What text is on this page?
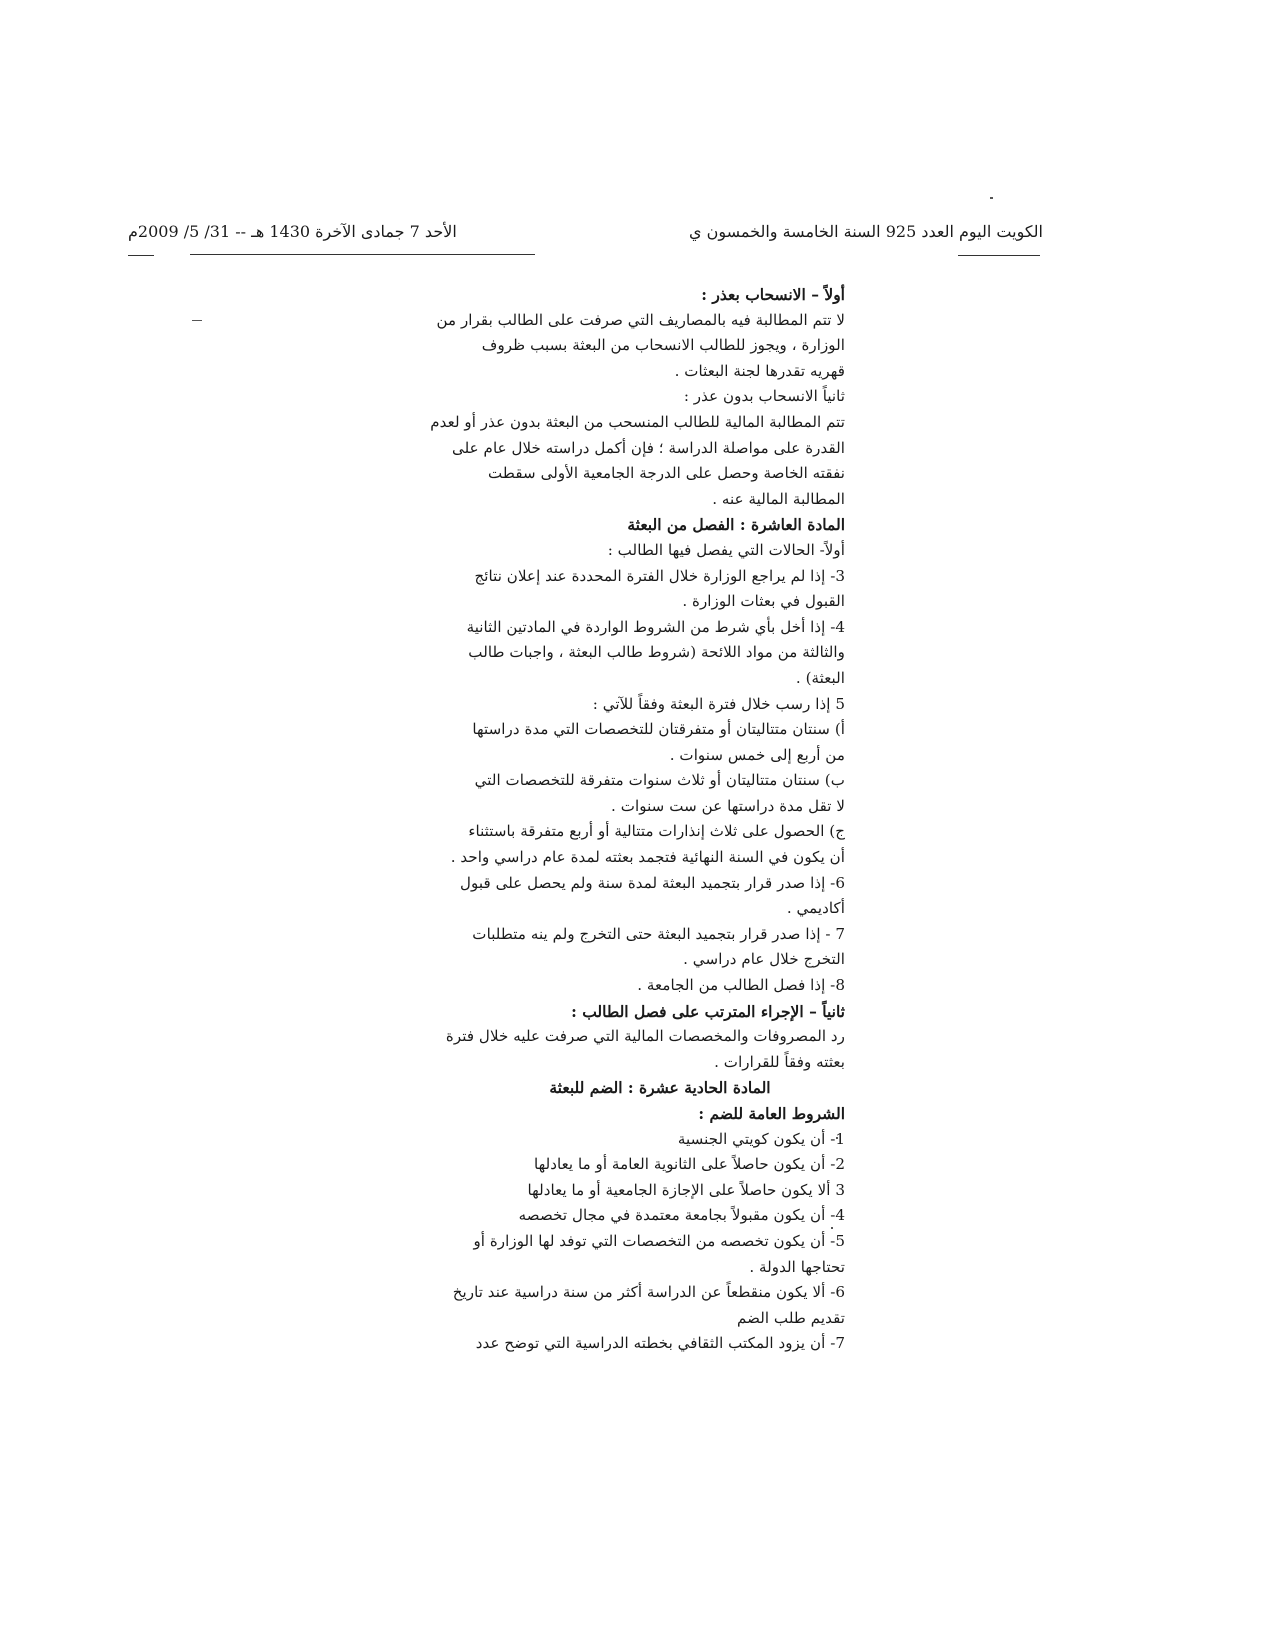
الكويت اليوم العدد 925 السنة الخامسة والخمسون ي
الأحد 7 جمادى الآخرة 1430 هـ -- 31/ 5/ 2009م

أولاً – الانسحاب بعذر :

لا تتم المطالبة فيه بالمصاريف التي صرفت على الطالب بقرار من

الوزارة ، ويجوز للطالب الانسحاب من البعثة بسبب ظروف

قهريه تقدرها لجنة البعثات .

ثانياً الانسحاب بدون عذر :

تتم المطالبة المالية للطالب المنسحب من البعثة بدون عذر أو لعدم

القدرة على مواصلة الدراسة ؛ فإن أكمل دراسته خلال عام على

نفقته الخاصة وحصل على الدرجة الجامعية الأولى سقطت

المطالبة المالية عنه .

المادة العاشرة : الفصل من البعثة

أولاً- الحالات التي يفصل فيها الطالب :

3- إذا لم يراجع الوزارة خلال الفترة المحددة عند إعلان نتائج

القبول في بعثات الوزارة .

4- إذا أخل بأي شرط من الشروط الواردة في المادتين الثانية

والثالثة من مواد اللائحة (شروط طالب البعثة ، واجبات طالب

البعثة) .

5 إذا رسب خلال فترة البعثة وفقاً للآتي :

أ) سنتان متتاليتان أو متفرقتان للتخصصات التي مدة دراستها

من أربع إلى خمس سنوات .

ب) سنتان متتاليتان أو ثلاث سنوات متفرقة للتخصصات التي

لا تقل مدة دراستها عن ست سنوات .

ج) الحصول على ثلاث إنذارات متتالية أو أربع متفرقة باستثناء

أن يكون في السنة النهائية فتجمد بعثته لمدة عام دراسي واحد .

6- إذا صدر قرار بتجميد البعثة لمدة سنة ولم يحصل على قبول

أكاديمي .

7 - إذا صدر قرار بتجميد البعثة حتى التخرج ولم ينه متطلبات

التخرج خلال عام دراسي .

8- إذا فصل الطالب من الجامعة .

ثانياً – الإجراء المترتب على فصل الطالب :

رد المصروفات والمخصصات المالية التي صرفت عليه خلال فترة

بعثته وفقاً للقرارات .

المادة الحادية عشرة : الضم للبعثة

الشروط العامة للضم :

1- أن يكون كويتي الجنسية

2- أن يكون حاصلاً على الثانوية العامة أو ما يعادلها

3 ألا يكون حاصلاً على الإجازة الجامعية أو ما يعادلها

4- أن يكون مقبولاً بجامعة معتمدة في مجال تخصصه

5- أن يكون تخصصه من التخصصات التي توفد لها الوزارة أو

تحتاجها الدولة .

6- ألا يكون منقطعاً عن الدراسة أكثر من سنة دراسية عند تاريخ

تقديم طلب الضم

7- أن يزود المكتب الثقافي بخطته الدراسية التي توضح عدد
